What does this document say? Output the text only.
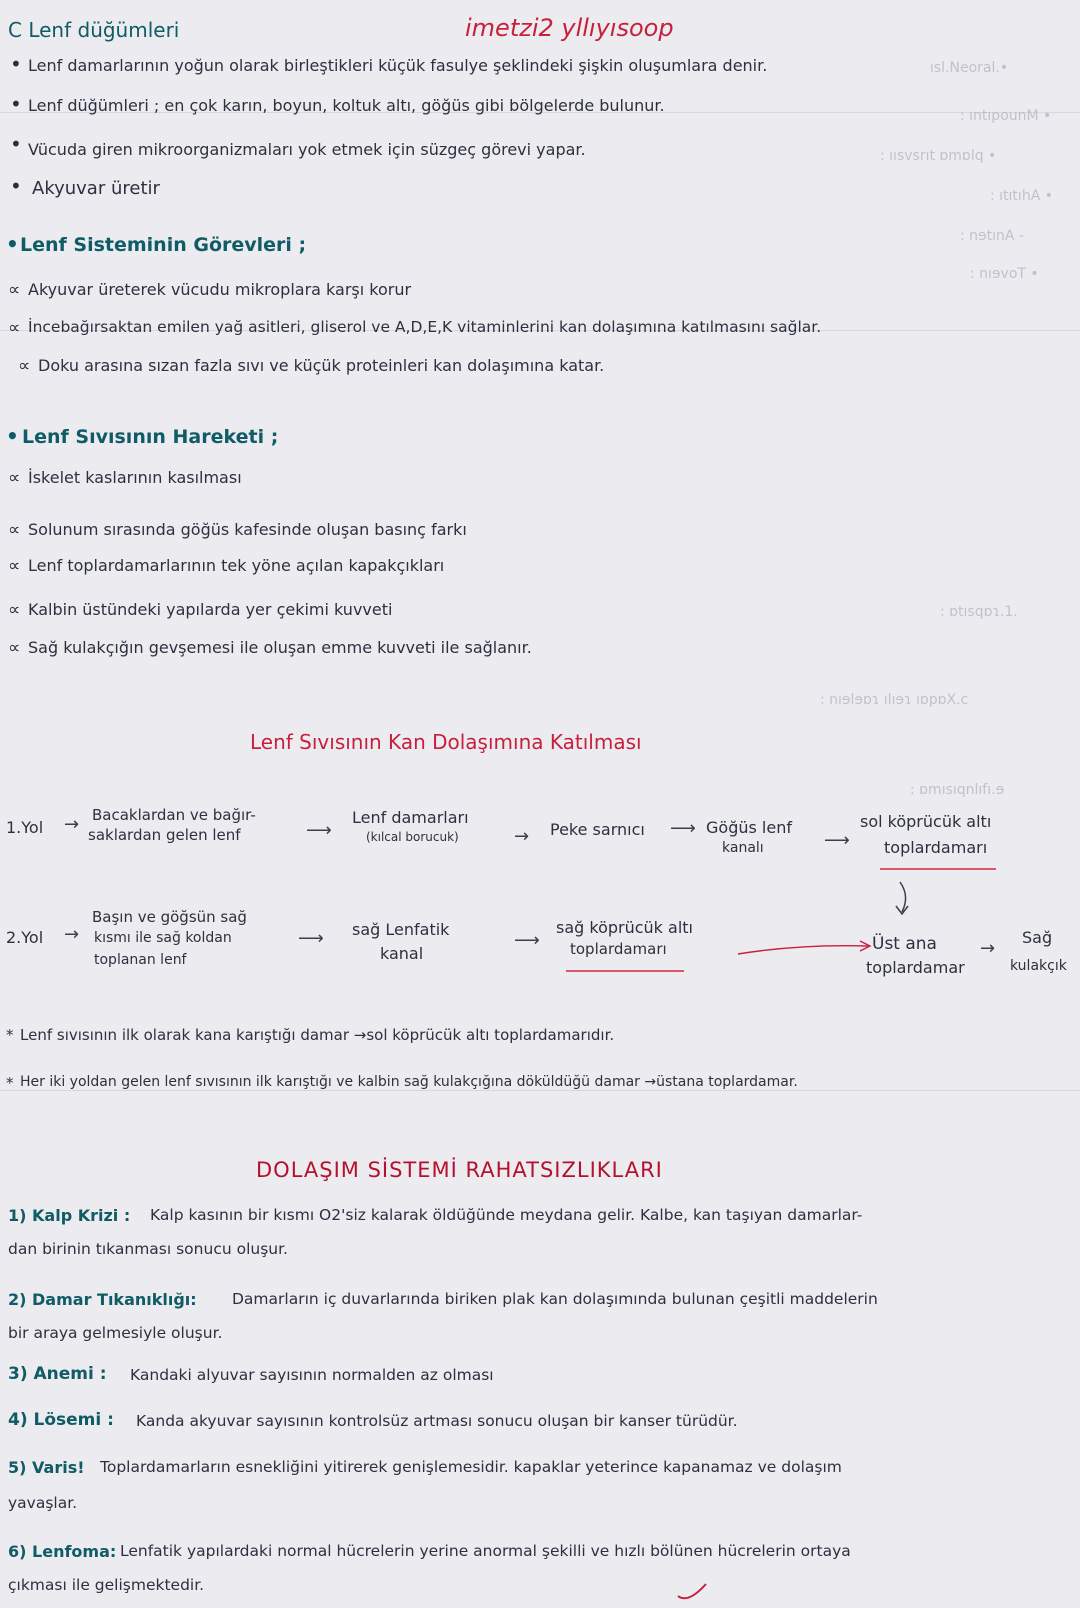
ısl.Neoral.•
: ıntıpounM •
: ıısvsrıt ɒmɒlq •
: ıtıtıhA •
: nɘtınA -
: nıɘvoT •
: ɒtısqɒɿ.1.
: nıɘlɘɒɿ ılıɘɿ ıɒpɒX.c
: ɒmısıqnlıfı.ɘ
C Lenf düğümleri	imetzi2 yllıyısoop
• Lenf damarlarının yoğun olarak birleştikleri küçük fasulye şeklindeki şişkin oluşumlara denir.
• Lenf düğümleri ; en çok karın, boyun, koltuk altı, göğüs gibi bölgelerde bulunur.
• Vücuda giren mikroorganizmaları yok etmek için süzgeç görevi yapar.
• Akyuvar üretir
• Lenf Sisteminin Görevleri ;
∝ Akyuvar üreterek vücudu mikroplara karşı korur
∝ İncebağırsaktan emilen yağ asitleri, gliserol ve A,D,E,K vitaminlerini kan dolaşımına katılmasını sağlar.
∝ Doku arasına sızan fazla sıvı ve küçük proteinleri kan dolaşımına katar.
• Lenf Sıvısının Hareketi ;
∝ İskelet kaslarının kasılması
∝ Solunum sırasında göğüs kafesinde oluşan basınç farkı
∝ Lenf toplardamarlarının tek yöne açılan kapakçıkları
∝ Kalbin üstündeki yapılarda yer çekimi kuvveti
∝ Sağ kulakçığın gevşemesi ile oluşan emme kuvveti ile sağlanır.
Lenf Sıvısının Kan Dolaşımına Katılması
1.Yol → Bacaklardan ve bağır-
saklardan gelen lenf	⟶
Lenf damarları
(kılcal borucuk)	→ Peke sarnıcı ⟶ Göğüs lenf
kanalı	⟶
sol köprücük altı
toplardamarı
2.Yol →
Başın ve göğsün sağ
kısmı ile sağ koldan
toplanan lenf
⟶ sağ Lenfatik
kanal
⟶
sağ köprücük altı
toplardamarı	Üst ana
toplardamar
→
Sağ
kulakçık
* Lenf sıvısının ilk olarak kana karıştığı damar →sol köprücük altı toplardamarıdır.
* Her iki yoldan gelen lenf sıvısının ilk karıştığı ve kalbin sağ kulakçığına döküldüğü damar →üstana toplardamar.
DOLAŞIM SİSTEMİ RAHATSIZLIKLARI
1) Kalp Krizi : Kalp kasının bir kısmı O2'siz kalarak öldüğünde meydana gelir. Kalbe, kan taşıyan damarlar-
dan birinin tıkanması sonucu oluşur.
2) Damar Tıkanıklığı: Damarların iç duvarlarında biriken plak kan dolaşımında bulunan çeşitli maddelerin
bir araya gelmesiyle oluşur.
3) Anemi : Kandaki alyuvar sayısının normalden az olması
4) Lösemi : Kanda akyuvar sayısının kontrolsüz artması sonucu oluşan bir kanser türüdür.
5) Varis! Toplardamarların esnekliğini yitirerek genişlemesidir. kapaklar yeterince kapanamaz ve dolaşım
yavaşlar.
6) Lenfoma: Lenfatik yapılardaki normal hücrelerin yerine anormal şekilli ve hızlı bölünen hücrelerin ortaya
çıkması ile gelişmektedir.
